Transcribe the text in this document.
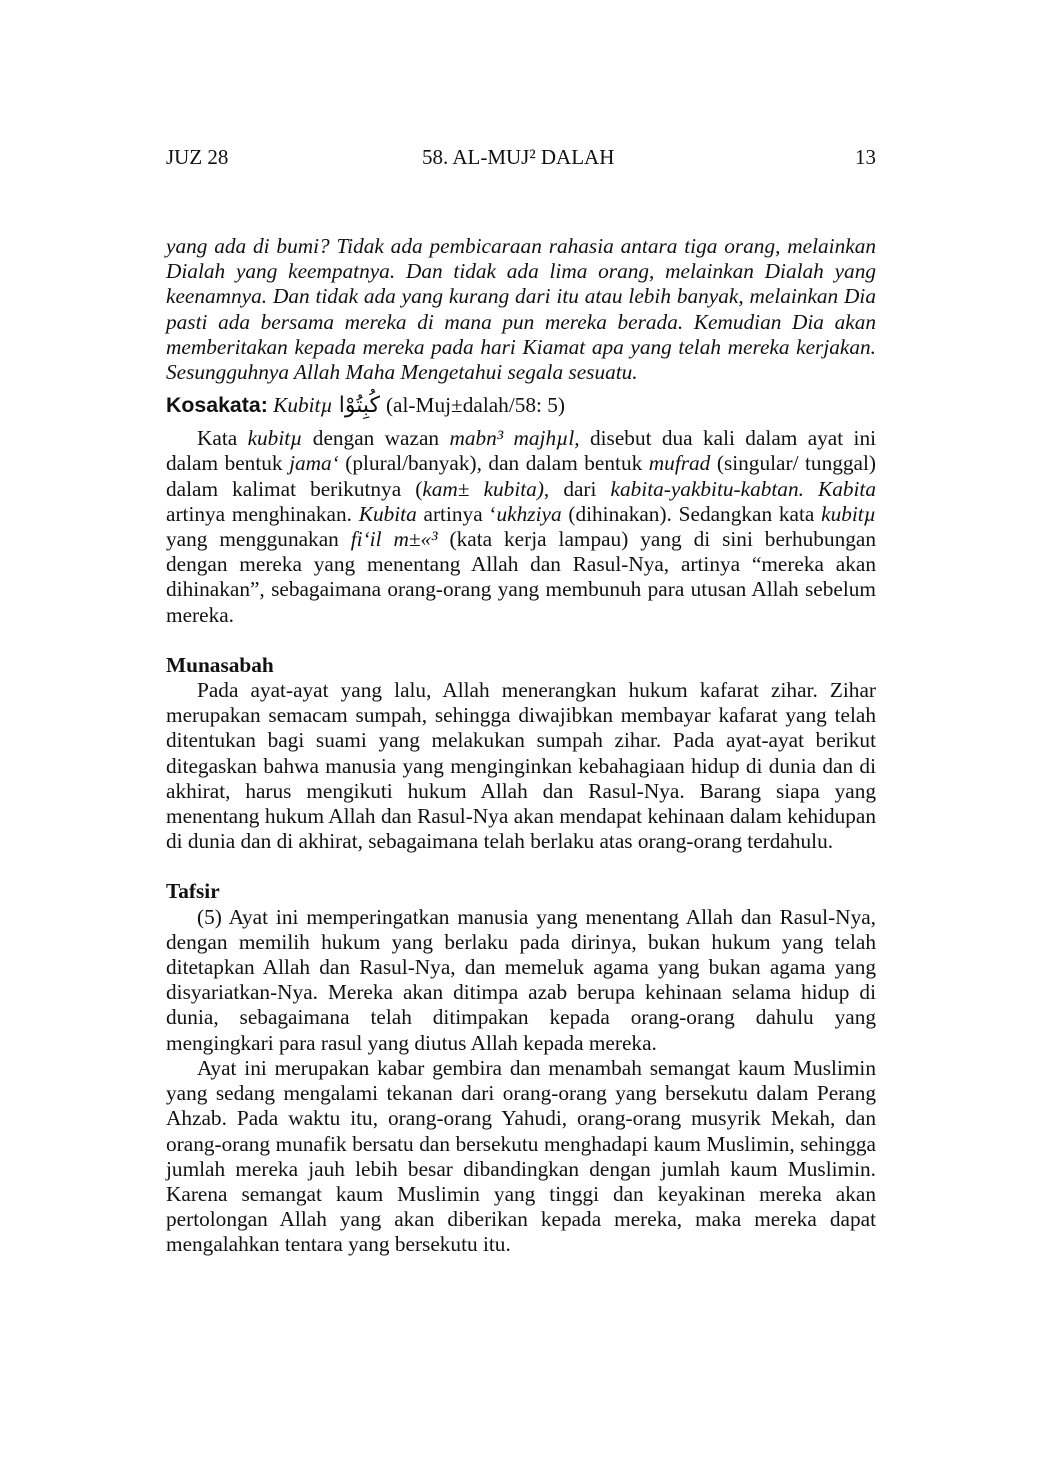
JUZ 28	58. AL-MUJ² DALAH	13

yang ada di bumi? Tidak ada pembicaraan rahasia antara tiga orang, melainkan Dialah yang keempatnya. Dan tidak ada lima orang, melainkan Dialah yang keenamnya. Dan tidak ada yang kurang dari itu atau lebih banyak, melainkan Dia pasti ada bersama mereka di mana pun mereka berada. Kemudian Dia akan memberitakan kepada mereka pada hari Kiamat apa yang telah mereka kerjakan. Sesungguhnya Allah Maha Mengetahui segala sesuatu.

Kosakata:
Kubitµ كُبِتُوْا (al-Muj±dalah/58: 5)

Kata kubitµ dengan wazan mabn³ majhµl, disebut dua kali dalam ayat ini dalam bentuk jama‘ (plural/banyak), dan dalam bentuk mufrad (singular/ tunggal) dalam kalimat berikutnya (kam± kubita), dari kabita-yakbitu-kabtan. Kabita artinya menghinakan. Kubita artinya ‘ukhziya (dihinakan). Sedangkan kata kubitµ yang menggunakan fi‘il m±«³ (kata kerja lampau) yang di sini berhubungan dengan mereka yang menentang Allah dan Rasul-Nya, artinya “mereka akan dihinakan”, sebagaimana orang-orang yang membunuh para utusan Allah sebelum mereka.

Munasabah

Pada ayat-ayat yang lalu, Allah menerangkan hukum kafarat zihar. Zihar merupakan semacam sumpah, sehingga diwajibkan membayar kafarat yang telah ditentukan bagi suami yang melakukan sumpah zihar. Pada ayat-ayat berikut ditegaskan bahwa manusia yang menginginkan kebahagiaan hidup di dunia dan di akhirat, harus mengikuti hukum Allah dan Rasul-Nya. Barang siapa yang menentang hukum Allah dan Rasul-Nya akan mendapat kehinaan dalam kehidupan di dunia dan di akhirat, sebagaimana telah berlaku atas orang-orang terdahulu.

Tafsir

(5) Ayat ini memperingatkan manusia yang menentang Allah dan Rasul-Nya, dengan memilih hukum yang berlaku pada dirinya, bukan hukum yang telah ditetapkan Allah dan Rasul-Nya, dan memeluk agama yang bukan agama yang disyariatkan-Nya. Mereka akan ditimpa azab berupa kehinaan selama hidup di dunia, sebagaimana telah ditimpakan kepada orang-orang dahulu yang mengingkari para rasul yang diutus Allah kepada mereka.

Ayat ini merupakan kabar gembira dan menambah semangat kaum Muslimin yang sedang mengalami tekanan dari orang-orang yang bersekutu dalam Perang Ahzab. Pada waktu itu, orang-orang Yahudi, orang-orang musyrik Mekah, dan orang-orang munafik bersatu dan bersekutu menghadapi kaum Muslimin, sehingga jumlah mereka jauh lebih besar dibandingkan dengan jumlah kaum Muslimin. Karena semangat kaum Muslimin yang tinggi dan keyakinan mereka akan pertolongan Allah yang akan diberikan kepada mereka, maka mereka dapat mengalahkan tentara yang bersekutu itu.
